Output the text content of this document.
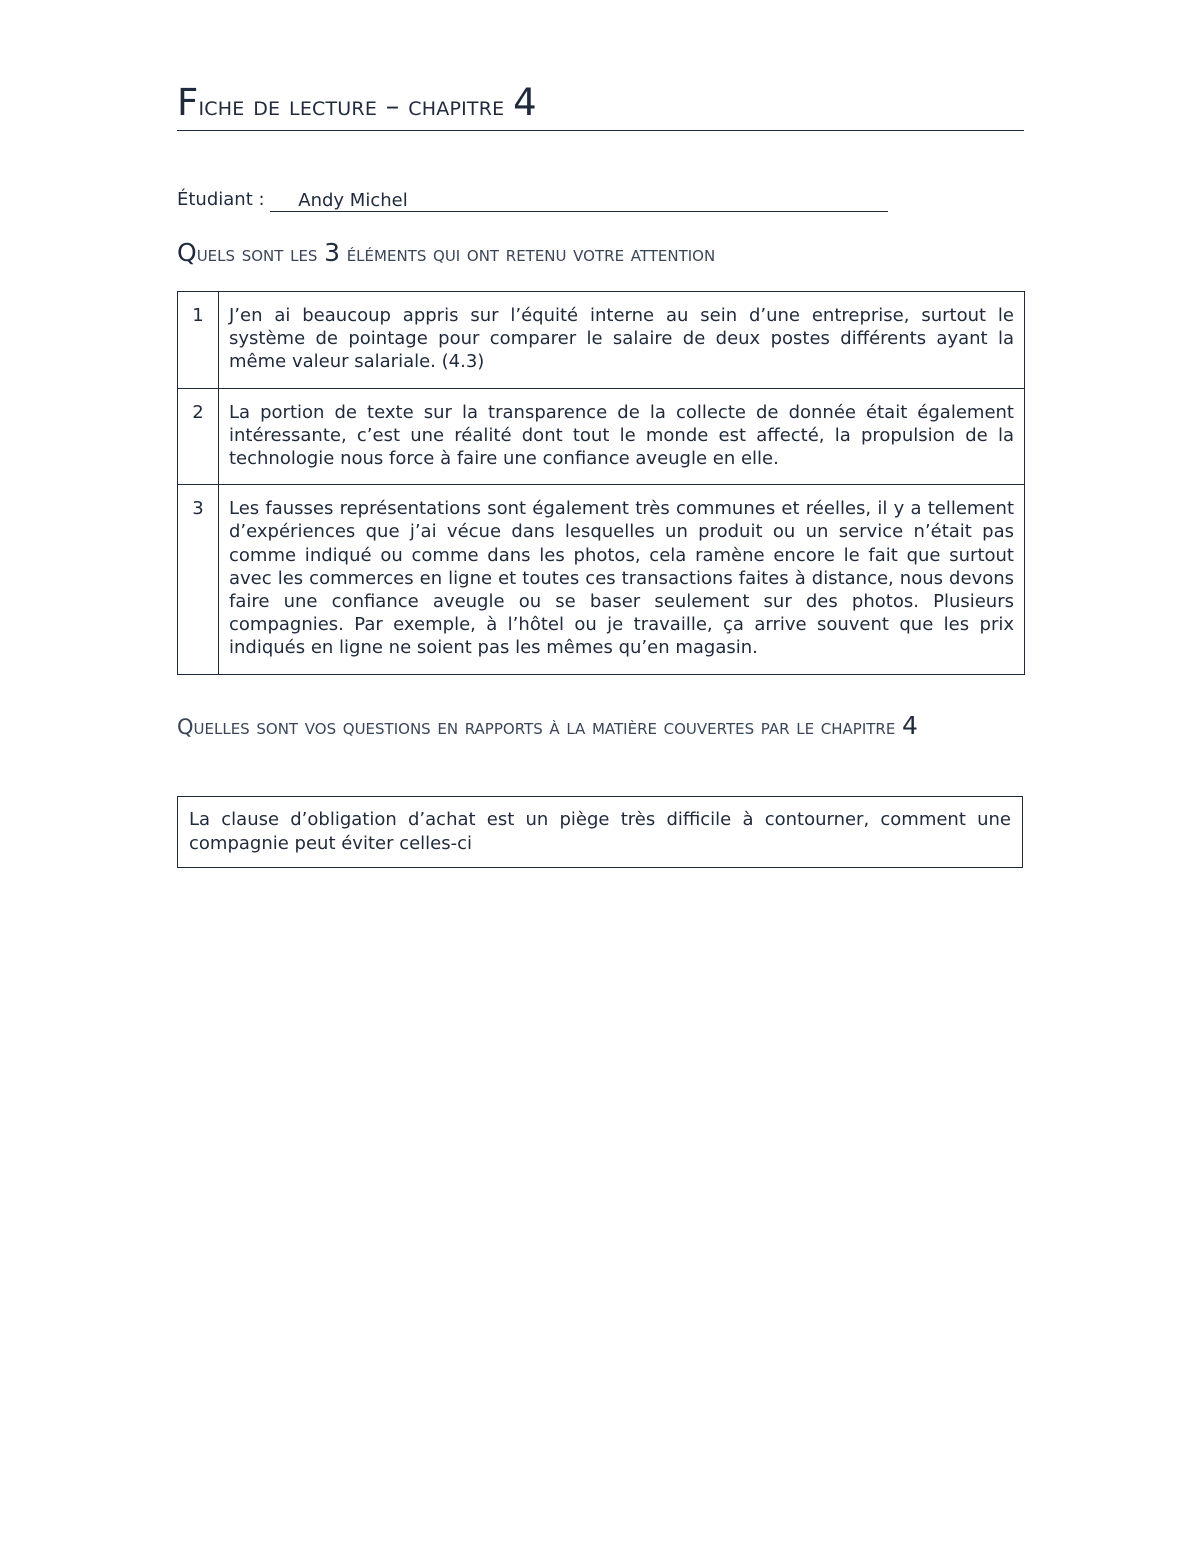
Fiche de lecture – chapitre 4
Étudiant : Andy Michel
Quels sont les 3 éléments qui ont retenu votre attention
1	J’en ai beaucoup appris sur l’équité interne au sein d’une entreprise, surtout le système de pointage pour comparer le salaire de deux postes différents ayant la même valeur salariale. (4.3)
2	La portion de texte sur la transparence de la collecte de donnée était également intéressante, c’est une réalité dont tout le monde est affecté, la propulsion de la technologie nous force à faire une confiance aveugle en elle.
3	Les fausses représentations sont également très communes et réelles, il y a tellement d’expériences que j’ai vécue dans lesquelles un produit ou un service n’était pas comme indiqué ou comme dans les photos, cela ramène encore le fait que surtout avec les commerces en ligne et toutes ces transactions faites à distance, nous devons faire une confiance aveugle ou se baser seulement sur des photos. Plusieurs compagnies. Par exemple, à l’hôtel ou je travaille, ça arrive souvent que les prix indiqués en ligne ne soient pas les mêmes qu’en magasin.
Quelles sont vos questions en rapports à la matière couvertes par le chapitre 4
La clause d’obligation d’achat est un piège très difficile à contourner, comment une compagnie peut éviter celles-ci
